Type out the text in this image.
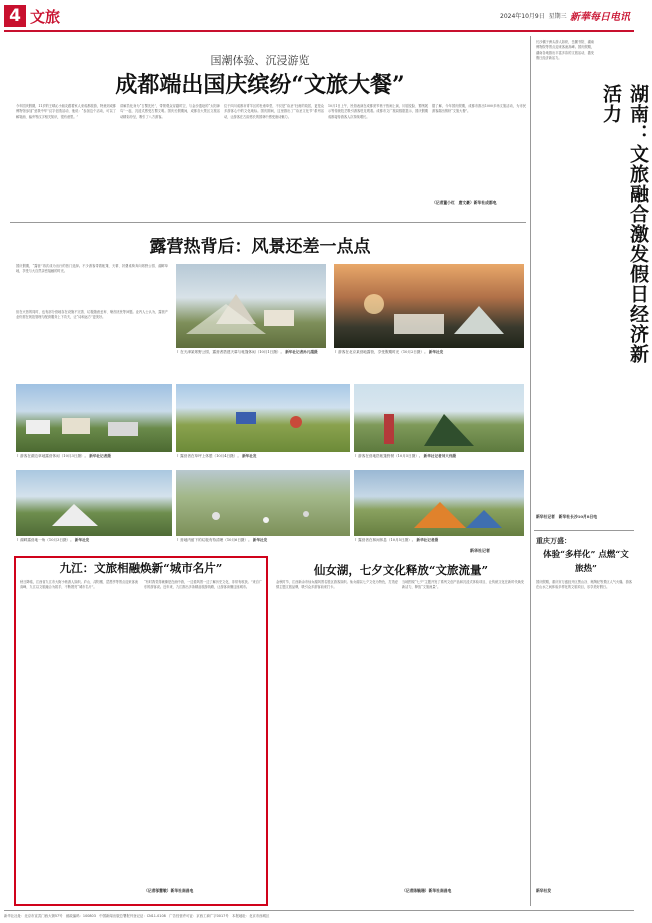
4 文旅	2024年10月9日 星期三 新華每日电讯
国潮体验、沉浸游览
成都端出国庆缤纷“文旅大餐”
今年国庆假期，11岁的王晴沁小朋友跟着家人来成都旅游，特意到成都博物馆参加“爱我中华”汉字创造活动，他说：“参加这个活动，可以了解笔画、偏旁等汉字相关知识，很有意思。”
讲解员化身为“古蜀先民”，带领观众穿越时空，与金沙遗址的“太阳神鸟”一起，沉浸式感受古蜀文明。国庆长假期间，成都各大景区文旅活动精彩纷呈，吸引了八方游客。
位于四川成都市青羊区的杜甫草堂，不仅是“诗圣”杜甫的故居，更是众多游客心中的文化地标。国庆期间，这里推出了“诗圣文化节”系列活动，让游客在古韵悠长的园林中感受唐诗魅力。
10月1日上午，民俗表演在成都宽窄巷子热闹上演，川剧变脸、蜀绣展示等传统技艺吸引游客驻足观看。成都市文广旅局数据显示，国庆假期成都接待游客人次持续增长。
据了解，今年国庆假期，成都市推出1000多场文旅活动，为市民游客端出缤纷“文旅大餐”。
（记者董小红　唐文豪）新华社成都电
露营热背后：风景还差一点点
国庆假期，“露营”再次成为出行的热门选择。不少游客带着帐篷、天幕、折叠桌椅奔向郊野公园、湖畔草地，享受与大自然亲密接触的时光。
但在火热的同时，也有部分营地存在设施不完善、垃圾随意丢弃、噪音扰民等问题。业内人士认为，露营产业仍需在规范管理与配套服务上下功夫，让“诗和远方”更美好。
↑ 在天津某郊野公园，露营者搭建天幕与帐篷休闲（10月1日摄）。 新华社记者孙凡越摄	↑ 游客在北京某营地露营，享受假期时光（10月2日摄）。 新华社发
↑ 游客在湖边草地露营休闲（10月3日摄）。 新华社记者摄	↑ 露营者在草坪上休憩（10月4日摄）。 新华社发	↑ 游客在营地搭帐篷野餐（10月5日摄）。 新华社记者刘大伟摄
↑ 湖畔露营地一角（10月3日摄）。 新华社发	↑ 营地内留下的垃圾有待清理（10月6日摄）。 新华社发	↑ 露营者在林间休息（10月5日摄）。 新华社记者摄
新华社记者
九江：文旅相融焕新“城市名片”
秋日降临，江西省九江市大街小巷游人如织。庐山、浔阳楼、琵琶亭等景点迎来客流高峰，九江以文旅融合为抓手，不断擦亮“城市名片”。
“有时我觉得就像是在画中游，一边看风景一边了解历史文化，非常有收获。”来自广东的游客说。近年来，九江推出多条精品旅游线路，让游客读懂这座城市。
（记者邬慧敏）新华社南昌电
仙女湖，七夕文化释放“文旅流量”
金秋时节，江西新余市仙女湖风景名胜区游客如织。仙女湖以七夕文化为特色，打造爱情主题文旅品牌，吸引众多游客前来打卡。
当地围绕“七夕”主题开发了系列文创产品和沉浸式体验项目，让传统文化在新时代焕发新活力，释放“文旅流量”。
（记者陈毓珊）新华社南昌电
湖南：文旅融合激发假日经济新活力
长沙橘子洲头游人如织，岳麓书院、湖南博物院等景点迎来客流高峰。国庆假期，湖南各地推出丰富多彩的文旅活动，激发假日经济新活力。
新华社记者　新华社长沙10月8日电
重庆万盛：
体验“多样化” 点燃“文旅热”
国庆假期，重庆市万盛经开区黑山谷、奥陶纪等景区人气火爆，游客在山水之间体验多样化的文旅项目，乐享美好假日。
新华社发
新华社社址：北京市宣武门西大街57号　邮政编码：100803　中国新闻出版总署报刊登记证：CN11-0108　广告经营许可证：京西工商广字0017号　本报地址：北京市西城区
